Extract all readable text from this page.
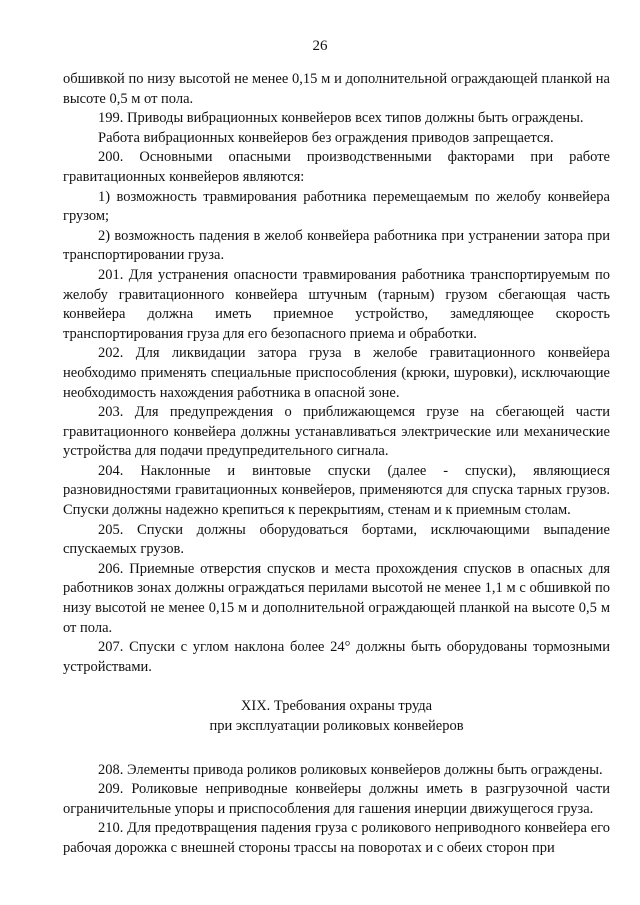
26

обшивкой по низу высотой не менее 0,15 м и дополнительной ограждающей планкой на высоте 0,5 м от пола.

199. Приводы вибрационных конвейеров всех типов должны быть ограждены.

Работа вибрационных конвейеров без ограждения приводов запрещается.

200. Основными опасными производственными факторами при работе гравитационных конвейеров являются:

1) возможность травмирования работника перемещаемым по желобу конвейера грузом;

2) возможность падения в желоб конвейера работника при устранении затора при транспортировании груза.

201. Для устранения опасности травмирования работника транспортируемым по желобу гравитационного конвейера штучным (тарным) грузом сбегающая часть конвейера должна иметь приемное устройство, замедляющее скорость транспортирования груза для его безопасного приема и обработки.

202. Для ликвидации затора груза в желобе гравитационного конвейера необходимо применять специальные приспособления (крюки, шуровки), исключающие необходимость нахождения работника в опасной зоне.

203. Для предупреждения о приближающемся грузе на сбегающей части гравитационного конвейера должны устанавливаться электрические или механические устройства для подачи предупредительного сигнала.

204. Наклонные и винтовые спуски (далее - спуски), являющиеся разновидностями гравитационных конвейеров, применяются для спуска тарных грузов. Спуски должны надежно крепиться к перекрытиям, стенам и к приемным столам.

205. Спуски должны оборудоваться бортами, исключающими выпадение спускаемых грузов.

206. Приемные отверстия спусков и места прохождения спусков в опасных для работников зонах должны ограждаться перилами высотой не менее 1,1 м с обшивкой по низу высотой не менее 0,15 м и дополнительной ограждающей планкой на высоте 0,5 м от пола.

207. Спуски с углом наклона более 24° должны быть оборудованы тормозными устройствами.

XIX. Требования охраны труда
при эксплуатации роликовых конвейеров

208. Элементы привода роликов роликовых конвейеров должны быть ограждены.

209. Роликовые неприводные конвейеры должны иметь в разгрузочной части ограничительные упоры и приспособления для гашения инерции движущегося груза.

210. Для предотвращения падения груза с роликового неприводного конвейера его рабочая дорожка с внешней стороны трассы на поворотах и с обеих сторон при
